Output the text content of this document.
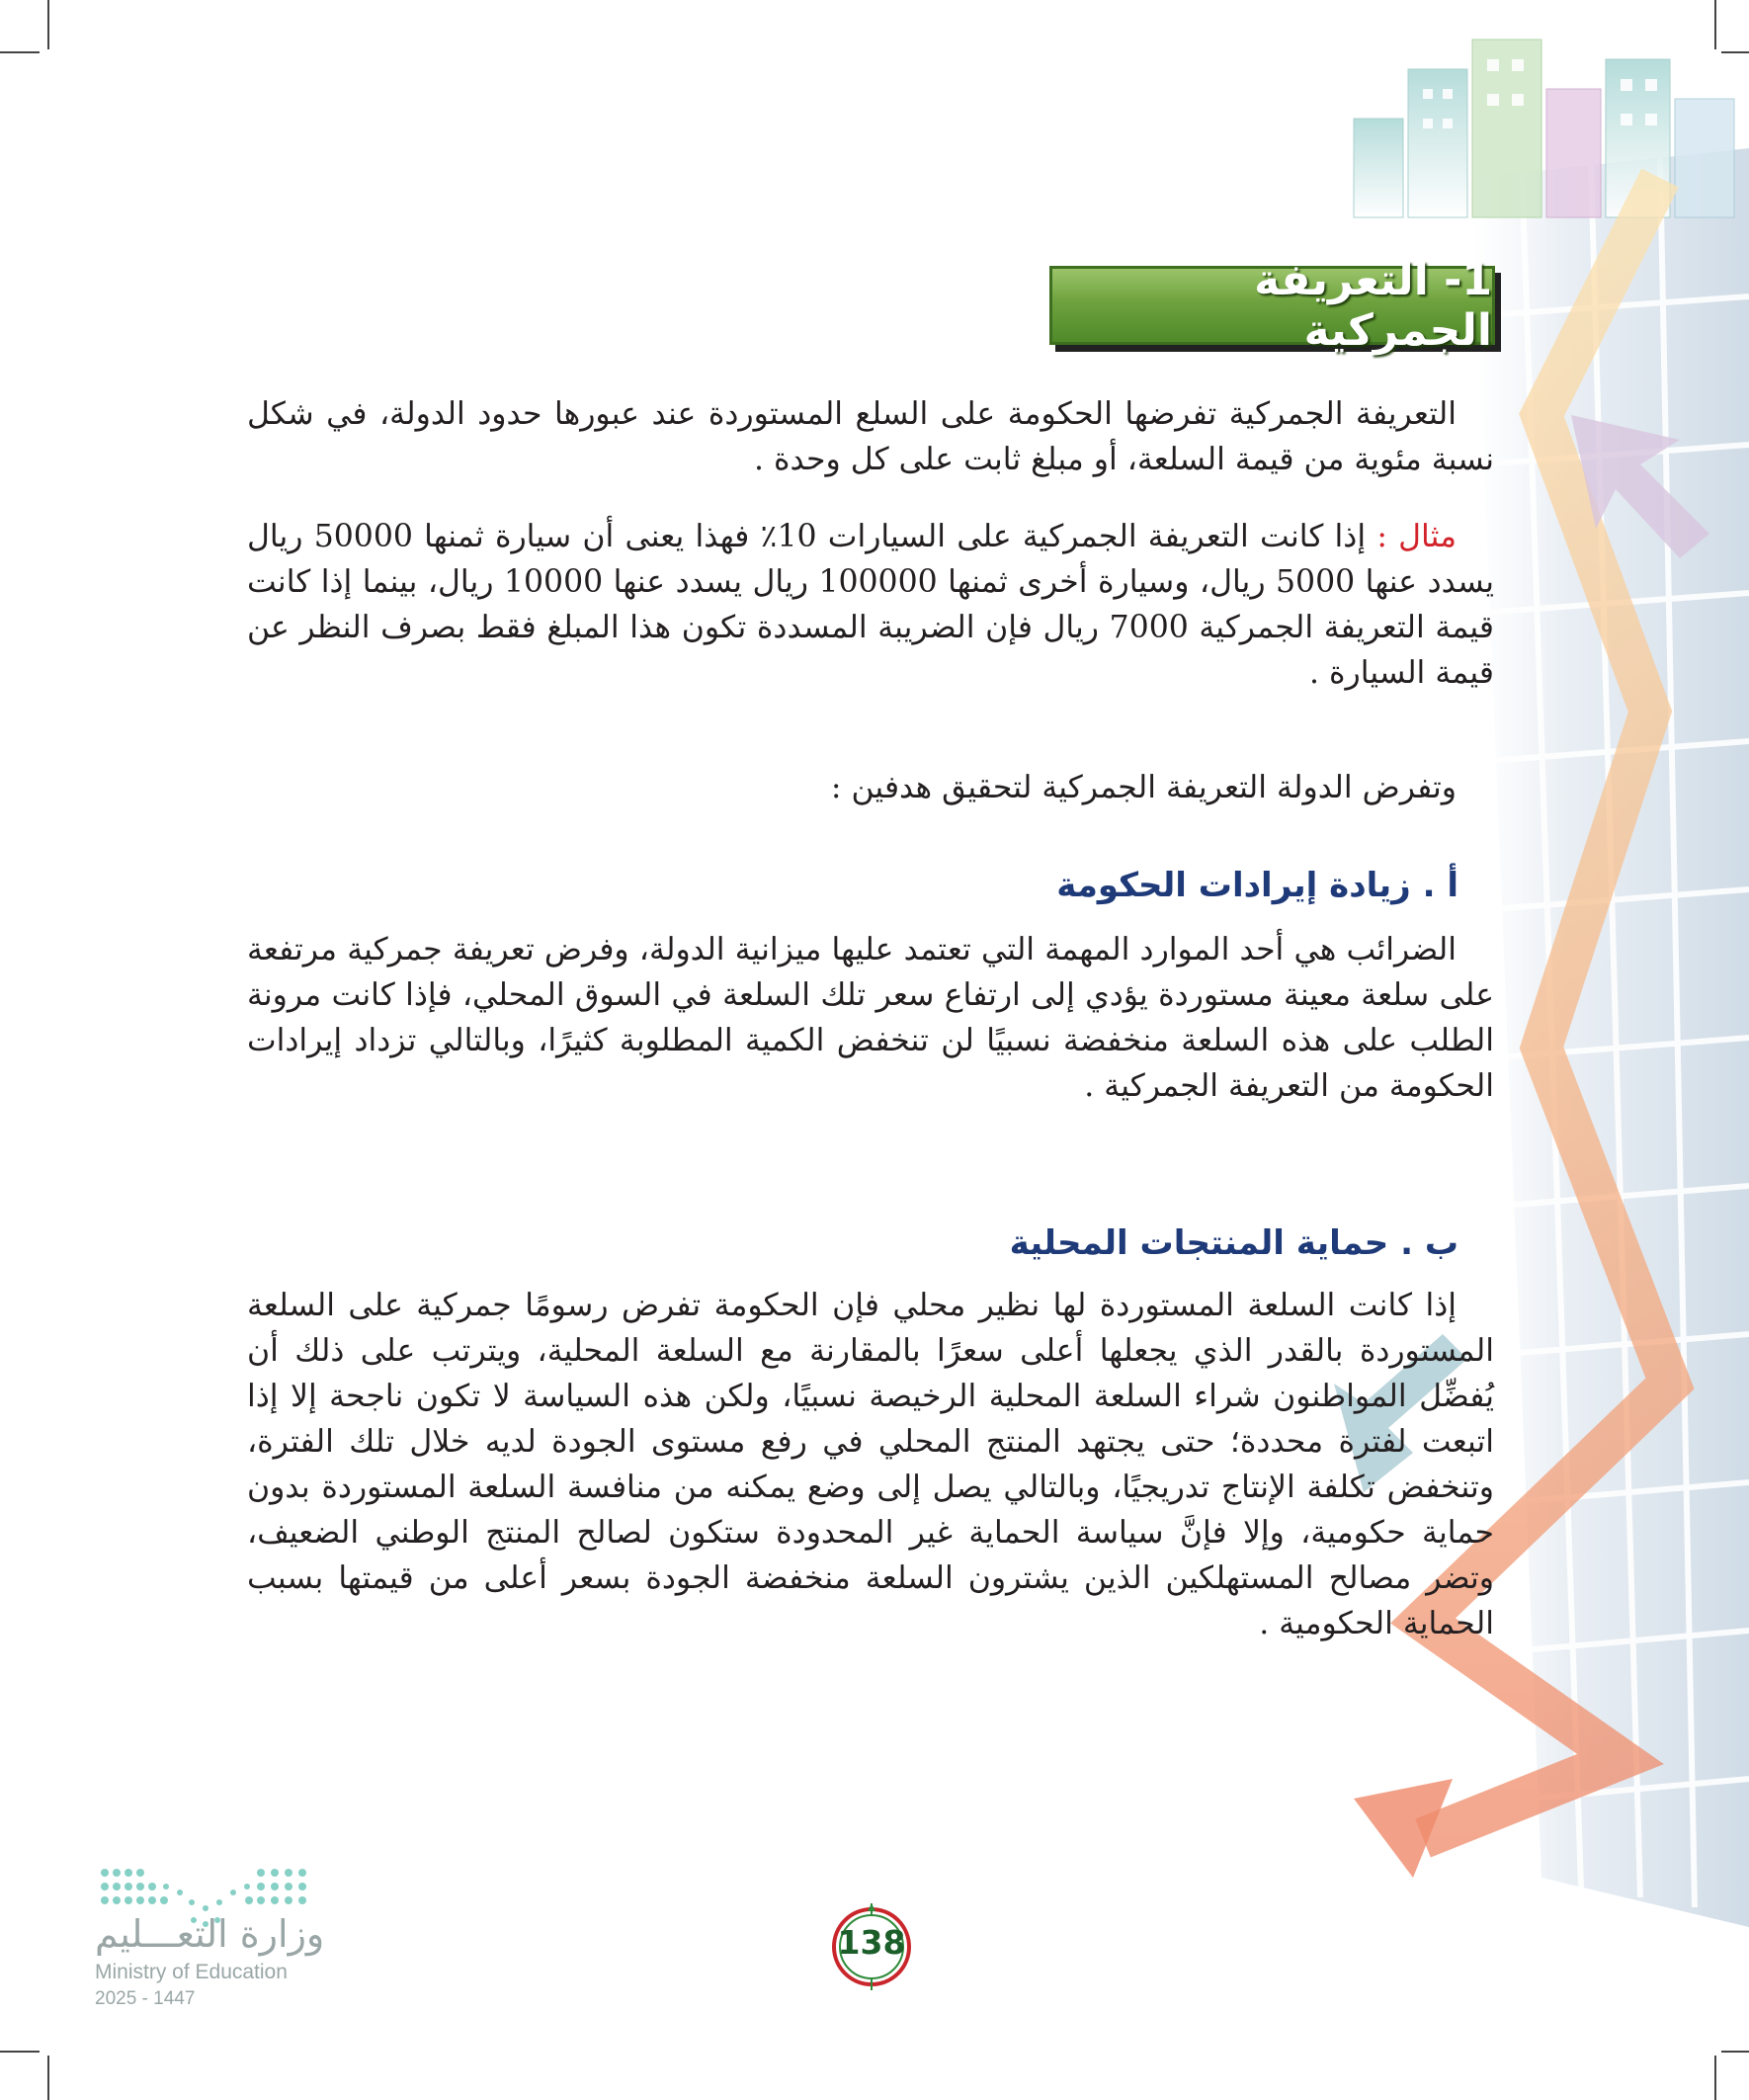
1- التعريفة الجمركية
التعريفة الجمركية تفرضها الحكومة على السلع المستوردة عند عبورها حدود الدولة، في شكل نسبة مئوية من قيمة السلعة، أو مبلغ ثابت على كل وحدة .
مثال : إذا كانت التعريفة الجمركية على السيارات 10٪ فهذا يعنى أن سيارة ثمنها 50000 ريال يسدد عنها 5000 ريال، وسيارة أخرى ثمنها 100000 ريال يسدد عنها 10000 ريال، بينما إذا كانت قيمة التعريفة الجمركية 7000 ريال فإن الضريبة المسددة تكون هذا المبلغ فقط بصرف النظر عن قيمة السيارة .
وتفرض الدولة التعريفة الجمركية لتحقيق هدفين :
أ . زيادة إيرادات الحكومة
الضرائب هي أحد الموارد المهمة التي تعتمد عليها ميزانية الدولة، وفرض تعريفة جمركية مرتفعة على سلعة معينة مستوردة يؤدي إلى ارتفاع سعر تلك السلعة في السوق المحلي، فإذا كانت مرونة الطلب على هذه السلعة منخفضة نسبيًا لن تنخفض الكمية المطلوبة كثيرًا، وبالتالي تزداد إيرادات الحكومة من التعريفة الجمركية .
ب . حماية المنتجات المحلية
إذا كانت السلعة المستوردة لها نظير محلي فإن الحكومة تفرض رسومًا جمركية على السلعة المستوردة بالقدر الذي يجعلها أعلى سعرًا بالمقارنة مع السلعة المحلية، ويترتب على ذلك أن يُفضِّل المواطنون شراء السلعة المحلية الرخيصة نسبيًا، ولكن هذه السياسة لا تكون ناجحة إلا إذا اتبعت لفترة محددة؛ حتى يجتهد المنتج المحلي في رفع مستوى الجودة لديه خلال تلك الفترة، وتنخفض تكلفة الإنتاج تدريجيًا، وبالتالي يصل إلى وضع يمكنه من منافسة السلعة المستوردة بدون حماية حكومية، وإلا فإنَّ سياسة الحماية غير المحدودة ستكون لصالح المنتج الوطني الضعيف، وتضر مصالح المستهلكين الذين يشترون السلعة منخفضة الجودة بسعر أعلى من قيمتها بسبب الحماية الحكومية .
وزارة التعـــليم
Ministry of Education
2025 - 1447
138
